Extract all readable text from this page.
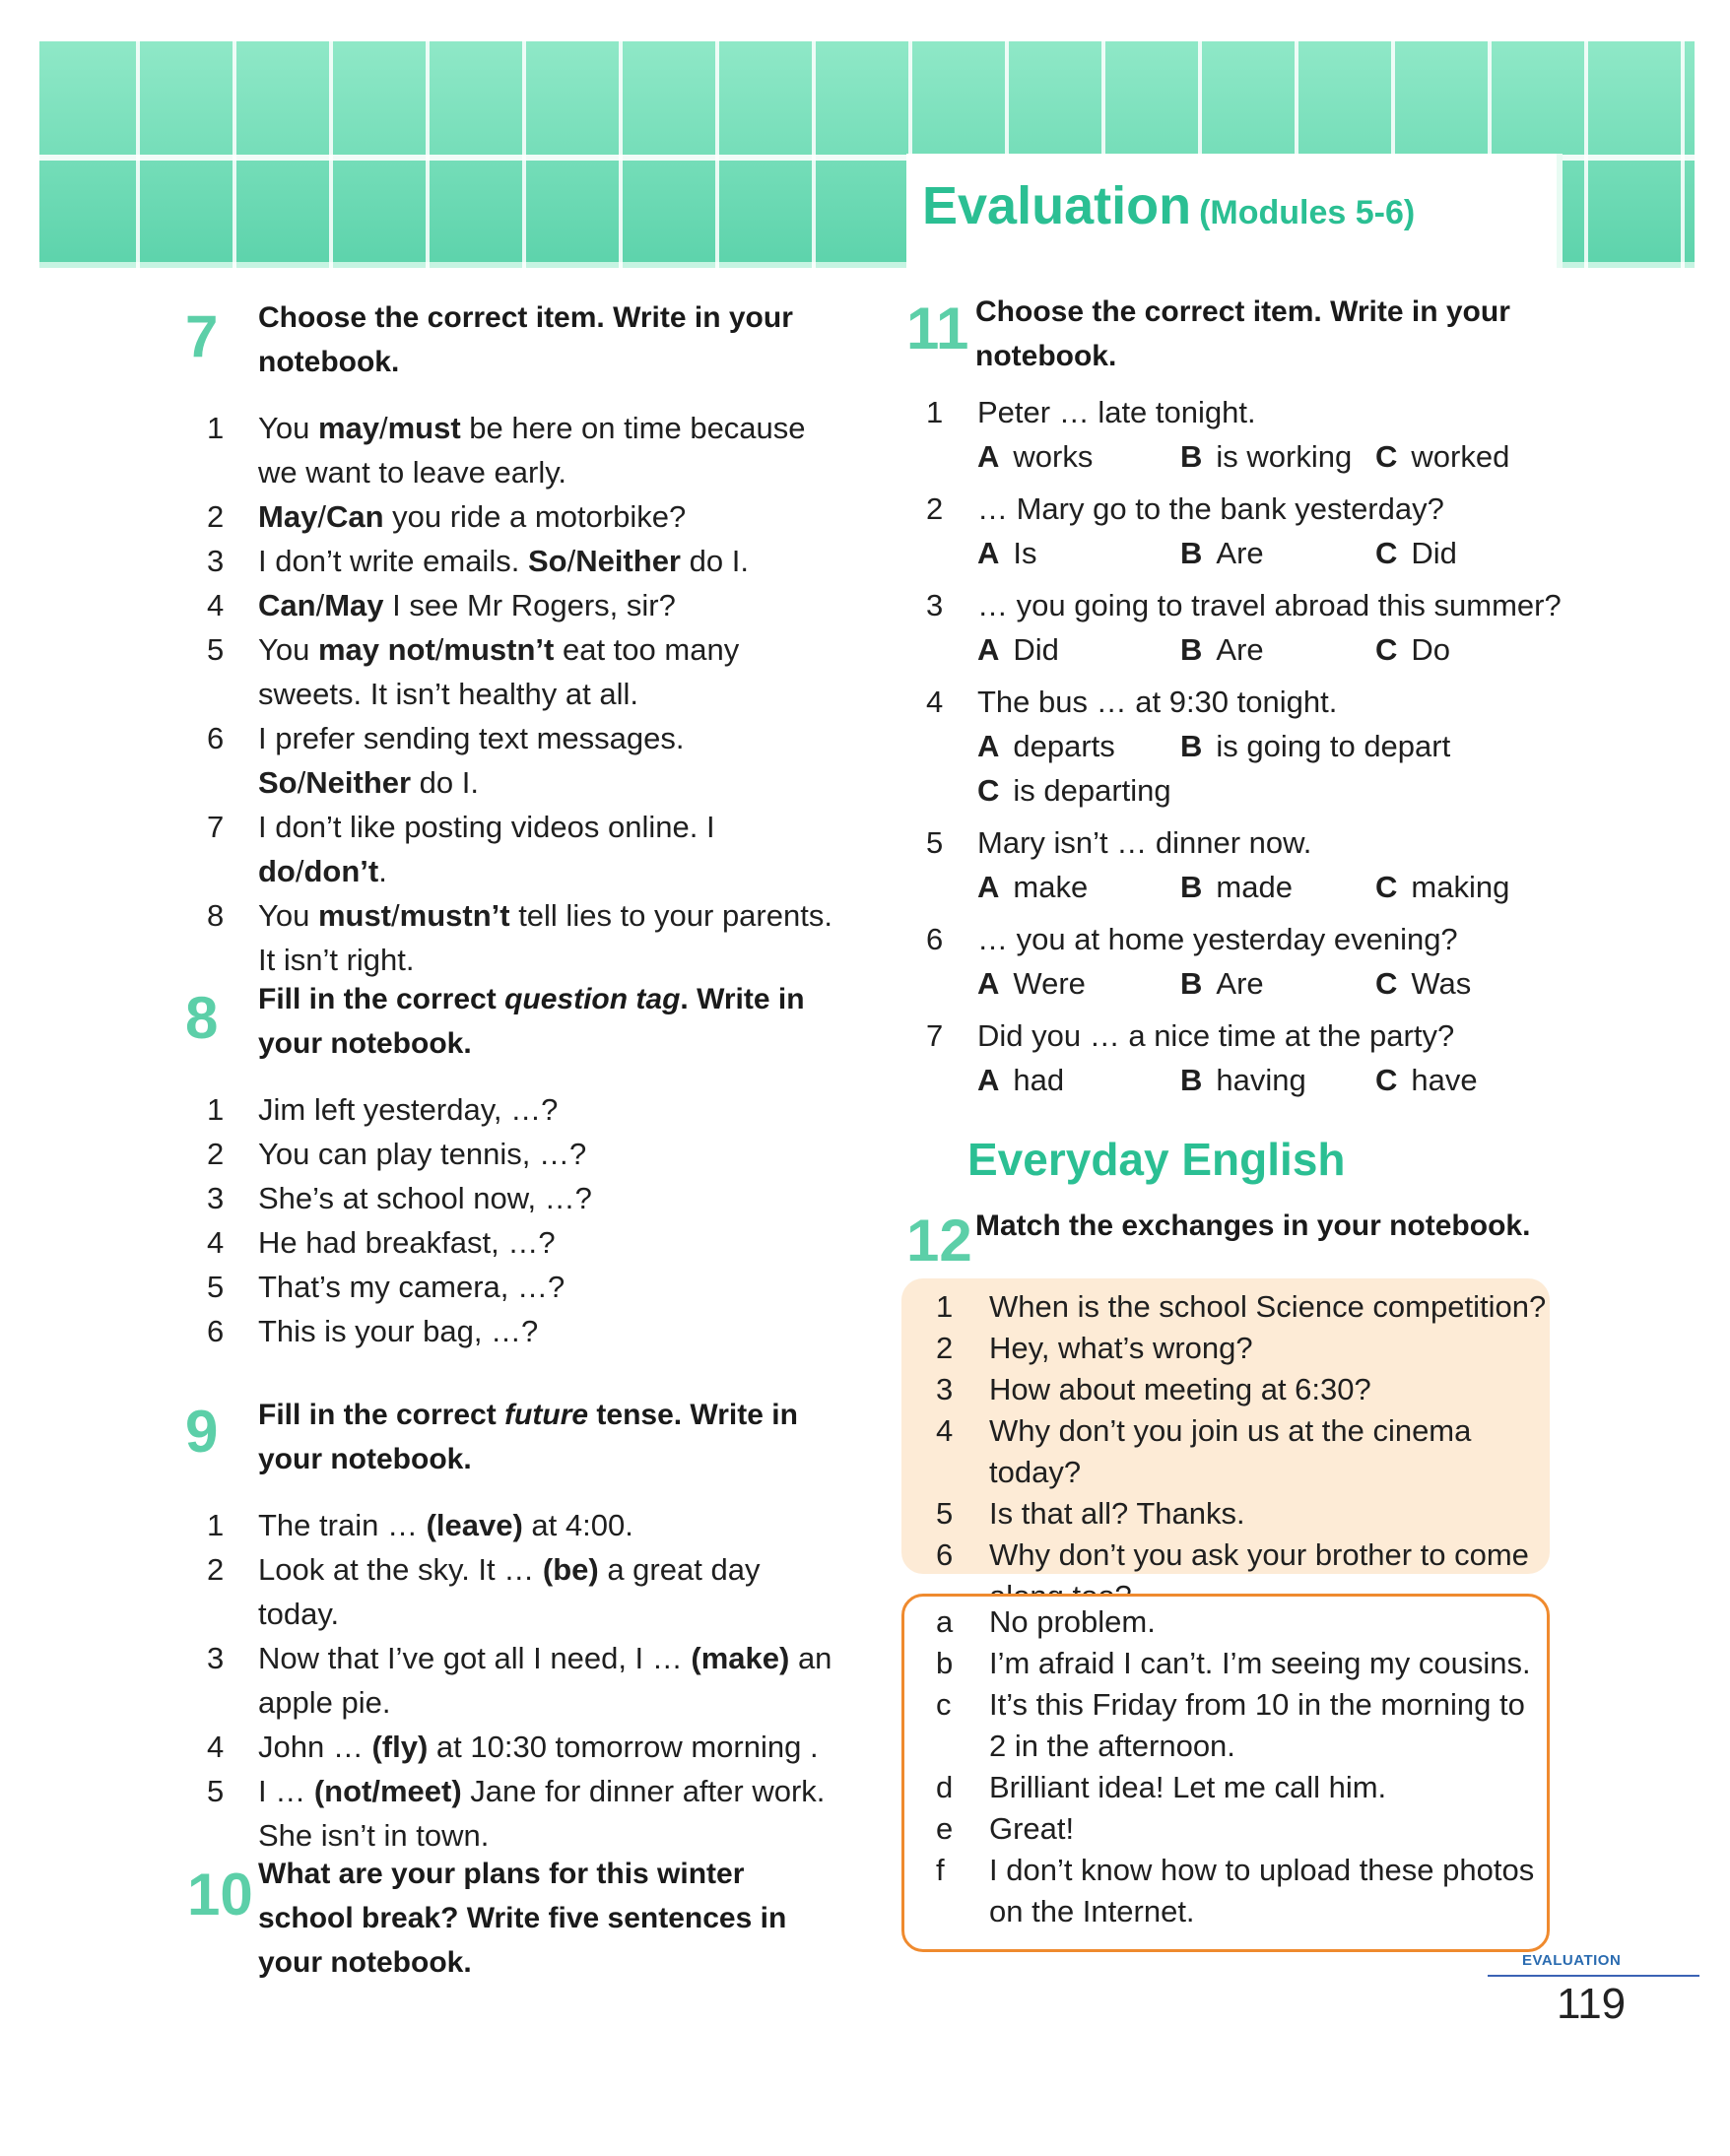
Evaluation (Modules 5-6)
7 Choose the correct item. Write in your notebook.
1 You may/must be here on time because we want to leave early.
2 May/Can you ride a motorbike?
3 I don’t write emails. So/Neither do I.
4 Can/May I see Mr Rogers, sir?
5 You may not/mustn’t eat too many sweets. It isn’t healthy at all.
6 I prefer sending text messages. So/Neither do I.
7 I don’t like posting videos online. I do/don’t.
8 You must/mustn’t tell lies to your parents. It isn’t right.
8 Fill in the correct question tag. Write in your notebook.
1 Jim left yesterday, …?
2 You can play tennis, …?
3 She’s at school now, …?
4 He had breakfast, …?
5 That’s my camera, …?
6 This is your bag, …?
9 Fill in the correct future tense. Write in your notebook.
1 The train … (leave) at 4:00.
2 Look at the sky. It … (be) a great day today.
3 Now that I’ve got all I need, I … (make) an apple pie.
4 John … (fly) at 10:30 tomorrow morning .
5 I … (not/meet) Jane for dinner after work. She isn’t in town.
10 What are your plans for this winter school break? Write five sentences in your notebook.
11 Choose the correct item. Write in your notebook.
1 Peter … late tonight.
A works	B is working C worked
2 … Mary go to the bank yesterday?
A Is	B Are	C Did
3 … you going to travel abroad this summer?
A Did	B Are	C Do
4 The bus … at 9:30 tonight.
A departs B is going to depart
C is departing
5 Mary isn’t … dinner now.
A make	B made	C making
6 … you at home yesterday evening?
A Were	B Are	C Was
7 Did you … a nice time at the party?
A had	B having C have
Everyday English
12 Match the exchanges in your notebook.
1 When is the school Science competition?
2 Hey, what’s wrong?
3 How about meeting at 6:30?
4 Why don’t you join us at the cinema today?
5 Is that all? Thanks.
6 Why don’t you ask your brother to come
a No problem.
b I’m afraid I can’t. I’m seeing my cousins.
c It’s this Friday from 10 in the morning to 2 in the afternoon.
d Brilliant idea! Let me call him.
e Great!
f I don’t know how to upload these photos on the Internet.
EVALUATION
119
